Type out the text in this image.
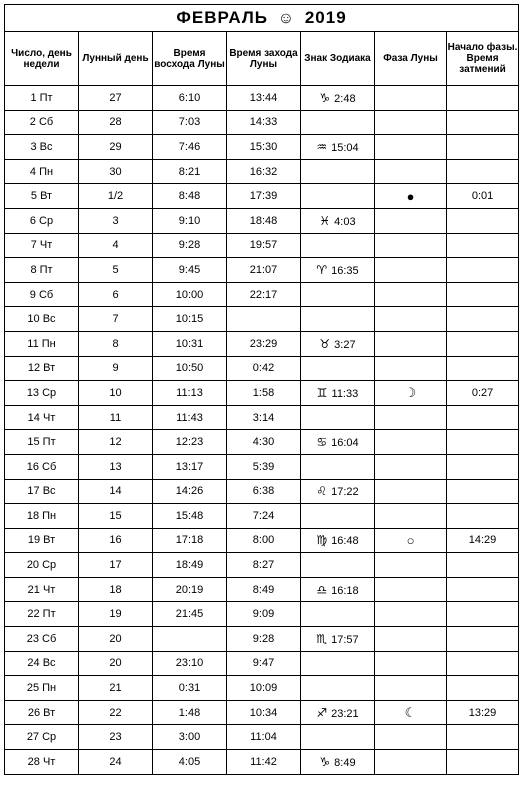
ФЕВРАЛЬ ☺ 2019						
Число, день недели	Лунный день	Время восхода Луны	Время захода Луны	Знак Зодиака	Фаза Луны	Начало фазы. Время затмений
1 Пт	27	6:10	13:44	♑ 2:48		
2 Сб	28	7:03	14:33			
3 Вс	29	7:46	15:30	♒ 15:04		
4 Пн	30	8:21	16:32			
5 Вт	1/2	8:48	17:39		●	0:01
6 Ср	3	9:10	18:48	♓ 4:03		
7 Чт	4	9:28	19:57			
8 Пт	5	9:45	21:07	♈ 16:35		
9 Сб	6	10:00	22:17			
10 Вс	7	10:15				
11 Пн	8	10:31	23:29	♉ 3:27		
12 Вт	9	10:50	0:42			
13 Ср	10	11:13	1:58	♊ 11:33	☽	0:27
14 Чт	11	11:43	3:14			
15 Пт	12	12:23	4:30	♋ 16:04		
16 Сб	13	13:17	5:39			
17 Вс	14	14:26	6:38	♌ 17:22		
18 Пн	15	15:48	7:24			
19 Вт	16	17:18	8:00	♍ 16:48	○	14:29
20 Ср	17	18:49	8:27			
21 Чт	18	20:19	8:49	♎ 16:18		
22 Пт	19	21:45	9:09			
23 Сб	20		9:28	♏ 17:57		
24 Вс	20	23:10	9:47			
25 Пн	21	0:31	10:09			
26 Вт	22	1:48	10:34	♐ 23:21	☾	13:29
27 Ср	23	3:00	11:04			
28 Чт	24	4:05	11:42	♑ 8:49		
